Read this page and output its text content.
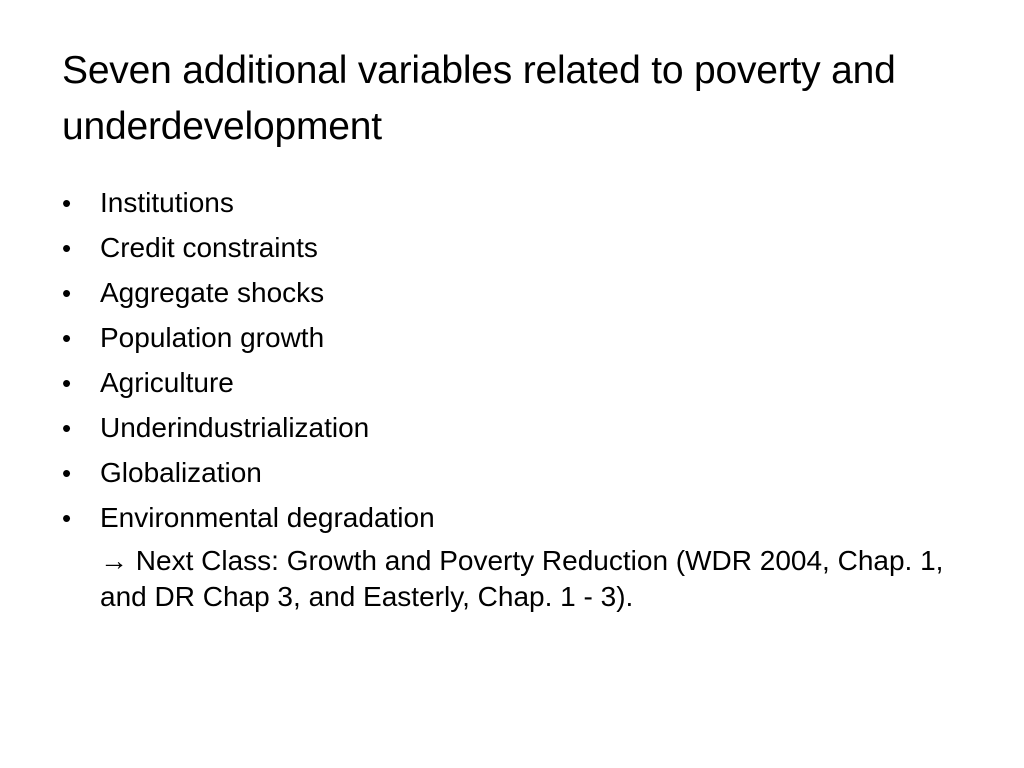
Seven additional variables related to poverty and underdevelopment
•	Institutions
•	Credit constraints
•	Aggregate shocks
•	Population growth
•	Agriculture
•	Underindustrialization
•	Globalization
•	Environmental degradation

→ Next Class: Growth and Poverty Reduction (WDR 2004, Chap. 1, and DR Chap 3, and Easterly, Chap. 1 - 3).
